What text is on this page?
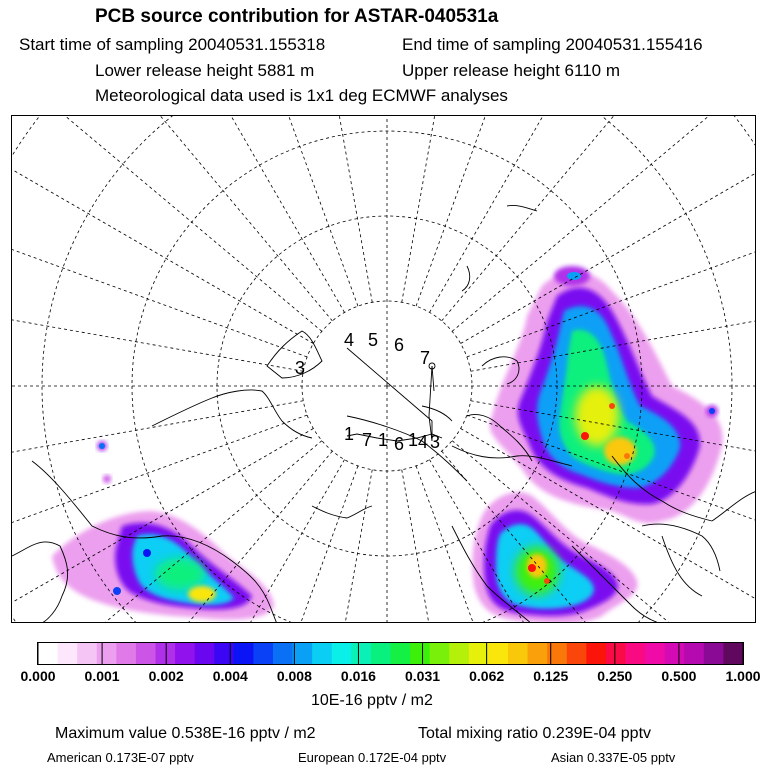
PCB source contribution for ASTAR-040531a
Start time of sampling 20040531.155318	End time of sampling 20040531.155416
Lower release height 5881 m	Upper release height 6110 m
Meteorological data used is 1x1 deg ECMWF analyses
4 5 6
7
3
1 7 1 6 1 4 3
0.000 0.001 0.002 0.004 0.008 0.016 0.031 0.062 0.125 0.250 0.500 1.000
10E-16 pptv / m2
Maximum value 0.538E-16 pptv / m2	Total mixing ratio 0.239E-04 pptv
American 0.173E-07 pptv	European 0.172E-04 pptv	Asian 0.337E-05 pptv
